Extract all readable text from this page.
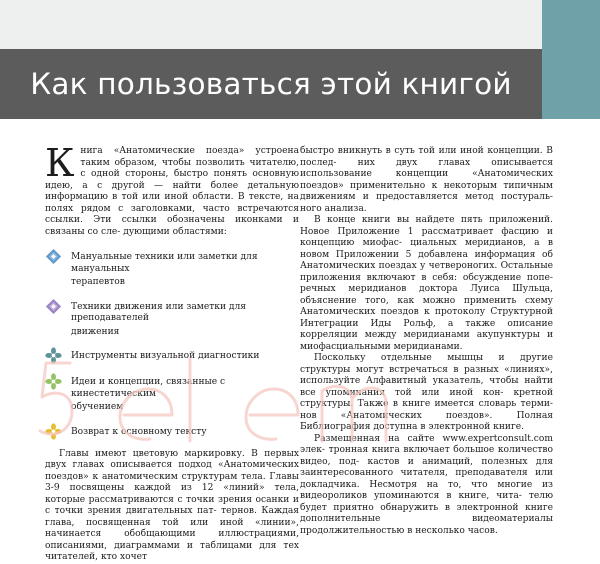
Как пользоваться этой книгой

Книга «Анатомические поезда» устроена таким образом, чтобы позволить читателю, с одной стороны, быстро понять основную идею, а с другой — найти более детальную информацию в той или иной области. В тексте, на полях рядом с заголовками, часто встречаются ссылки. Эти ссылки обозначены иконками и связаны со сле- дующими областями:

Мануальные техники или заметки для мануальных
терапевтов
Техники движения или заметки для преподавателей
движения
Инструменты визуальной диагностики
Идеи и концепции, связанные с кинестетическим
обучением
Возврат к основному тексту

Главы имеют цветовую маркировку. В первых двух главах описывается подход «Анатомических поездов» к анатомическим структурам тела. Главы 3-9 посвящены каждой из 12 «линий» тела, которые рассматриваются с точки зрения осанки и с точки зрения двигательных пат- тернов. Каждая глава, посвященная той или иной «линии», начинается обобщающими иллюстрациями, описаниями, диаграммами и таблицами для тех читателей, кто хочет

быстро вникнуть в суть той или иной концепции. В послед- них двух главах описывается использование концепции	«Анатомических поездов» применительно к некоторым типичным движениям и предоставляется метод постураль- ного анализа.

В конце книги вы найдете пять приложений. Новое Приложение 1 рассматривает фасцию и концепцию миофас- циальных меридианов, а в новом Приложении 5 добавлена информация об Анатомических поездах у четвероногих. Остальные приложения включают в себя: обсуждение попе- речных меридианов доктора Луиса Шульца, объяснение того, как можно применить схему Анатомических поездов к протоколу Структурной Интеграции Иды Рольф, а также описание корреляции между меридианами акупунктуры и миофасциальными меридианами.

Поскольку отдельные мышцы и другие структуры могут встречаться в разных «линиях», используйте Алфавитный указатель, чтобы найти все упоминания той или иной кон- кретной структуры. Также в книге имеется словарь терми- нов «Анатомических поездов». Полная Библиография доступна в электронной книге.

Размещенная на сайте www.expertconsult.com элек- тронная книга включает большое количество видео, под- кастов и анимаций, полезных для заинтересованного читателя, преподавателя или докладчика. Несмотря на то, что многие из видеороликов упоминаются в книге, чита- телю будет приятно обнаружить в электронной книге дополнительные видеоматериалы продолжительностью в несколько часов.
